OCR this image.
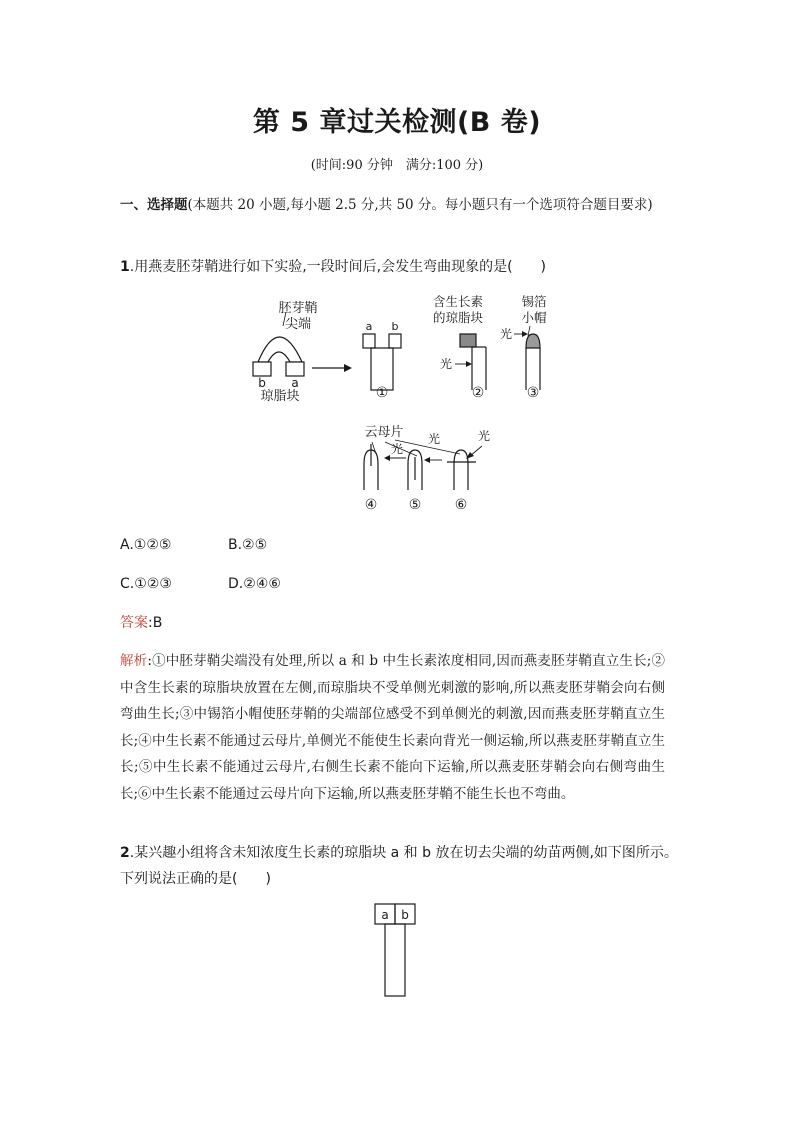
第 5 章过关检测(B 卷)
(时间:90 分钟　满分:100 分)
一、选择题(本题共 20 小题,每小题 2.5 分,共 50 分。每小题只有一个选项符合题目要求)
1.用燕麦胚芽鞘进行如下实验,一段时间后,会发生弯曲现象的是(　　)
胚芽鞘
尖端
b a
琼脂块
a b
①
含生长素
的琼脂块
光
②
锡箔
小帽
光
③
云母片
光
④
光
⑤
光
⑥
A.①②⑤	B.②⑤
C.①②③	D.②④⑥
答案:B
解析:①中胚芽鞘尖端没有处理,所以 a 和 b 中生长素浓度相同,因而燕麦胚芽鞘直立生长;②中含生长素的琼脂块放置在左侧,而琼脂块不受单侧光刺激的影响,所以燕麦胚芽鞘会向右侧弯曲生长;③中锡箔小帽使胚芽鞘的尖端部位感受不到单侧光的刺激,因而燕麦胚芽鞘直立生长;④中生长素不能通过云母片,单侧光不能使生长素向背光一侧运输,所以燕麦胚芽鞘直立生长;⑤中生长素不能通过云母片,右侧生长素不能向下运输,所以燕麦胚芽鞘会向右侧弯曲生长;⑥中生长素不能通过云母片向下运输,所以燕麦胚芽鞘不能生长也不弯曲。
2.某兴趣小组将含未知浓度生长素的琼脂块 a 和 b 放在切去尖端的幼苗两侧,如下图所示。下列说法正确的是(　　)
a b
